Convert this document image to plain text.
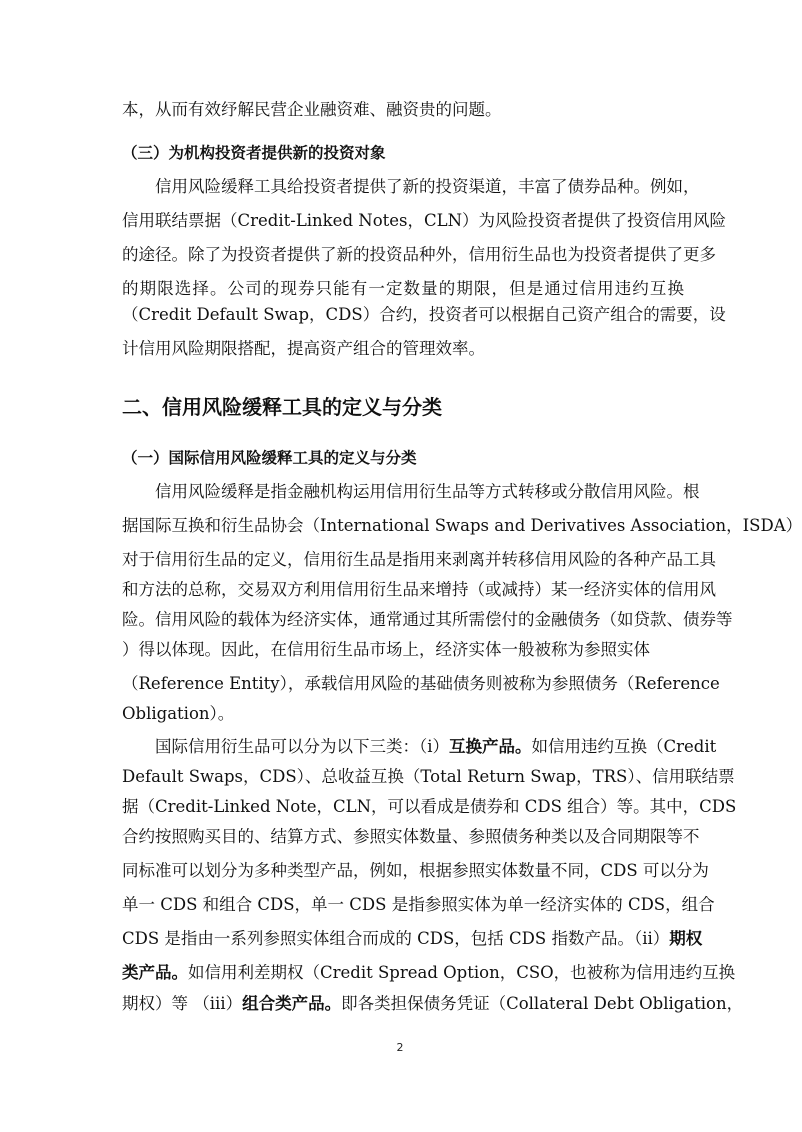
本，从而有效纾解民营企业融资难、融资贵的问题。
（三）为机构投资者提供新的投资对象
信用风险缓释工具给投资者提供了新的投资渠道，丰富了债券品种。例如，
信用联结票据（Credit-Linked Notes，CLN）为风险投资者提供了投资信用风险
的途径。除了为投资者提供了新的投资品种外，信用衍生品也为投资者提供了更多
的期限选择。公司的现券只能有一定数量的期限，但是通过信用违约互换
（Credit Default Swap，CDS）合约，投资者可以根据自己资产组合的需要，设
计信用风险期限搭配，提高资产组合的管理效率。
二、信用风险缓释工具的定义与分类
（一）国际信用风险缓释工具的定义与分类
信用风险缓释是指金融机构运用信用衍生品等方式转移或分散信用风险。根
据国际互换和衍生品协会（International Swaps and Derivatives Association，ISDA）
对于信用衍生品的定义，信用衍生品是指用来剥离并转移信用风险的各种产品工具
和方法的总称，交易双方利用信用衍生品来增持（或减持）某一经济实体的信用风
险。信用风险的载体为经济实体，通常通过其所需偿付的金融债务（如贷款、债券等
）得以体现。因此，在信用衍生品市场上，经济实体一般被称为参照实体
（Reference Entity），承载信用风险的基础债务则被称为参照债务（Reference
Obligation）。
国际信用衍生品可以分为以下三类：（i）互换产品。如信用违约互换（Credit
Default Swaps，CDS）、总收益互换（Total Return Swap，TRS）、信用联结票
据（Credit-Linked Note，CLN，可以看成是债券和 CDS 组合）等。其中，CDS
合约按照购买目的、结算方式、参照实体数量、参照债务种类以及合同期限等不
同标准可以划分为多种类型产品，例如，根据参照实体数量不同，CDS 可以分为
单一 CDS 和组合 CDS，单一 CDS 是指参照实体为单一经济实体的 CDS，组合
CDS 是指由一系列参照实体组合而成的 CDS，包括 CDS 指数产品。（ii）期权
类产品。如信用利差期权（Credit Spread Option，CSO，也被称为信用违约互换
期权）等 （ⅲ）组合类产品。即各类担保债务凭证（Collateral Debt Obligation，
2
